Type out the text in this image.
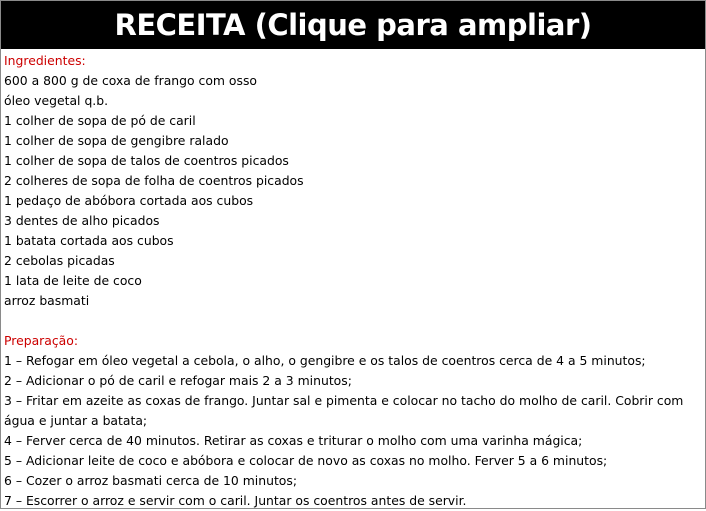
RECEITA (Clique para ampliar)
Ingredientes:
600 a 800 g de coxa de frango com osso
óleo vegetal q.b.
1 colher de sopa de pó de caril
1 colher de sopa de gengibre ralado
1 colher de sopa de talos de coentros picados
2 colheres de sopa de folha de coentros picados
1 pedaço de abóbora cortada aos cubos
3 dentes de alho picados
1 batata cortada aos cubos
2 cebolas picadas
1 lata de leite de coco
arroz basmati
Preparação:
1 – Refogar em óleo vegetal a cebola, o alho, o gengibre e os talos de coentros cerca de 4 a 5 minutos;
2 – Adicionar o pó de caril e refogar mais 2 a 3 minutos;
3 – Fritar em azeite as coxas de frango. Juntar sal e pimenta e colocar no tacho do molho de caril. Cobrir com água e juntar a batata;
4 – Ferver cerca de 40 minutos. Retirar as coxas e triturar o molho com uma varinha mágica;
5 – Adicionar leite de coco e abóbora e colocar de novo as coxas no molho. Ferver 5 a 6 minutos;
6 – Cozer o arroz basmati cerca de 10 minutos;
7 – Escorrer o arroz e servir com o caril. Juntar os coentros antes de servir.
